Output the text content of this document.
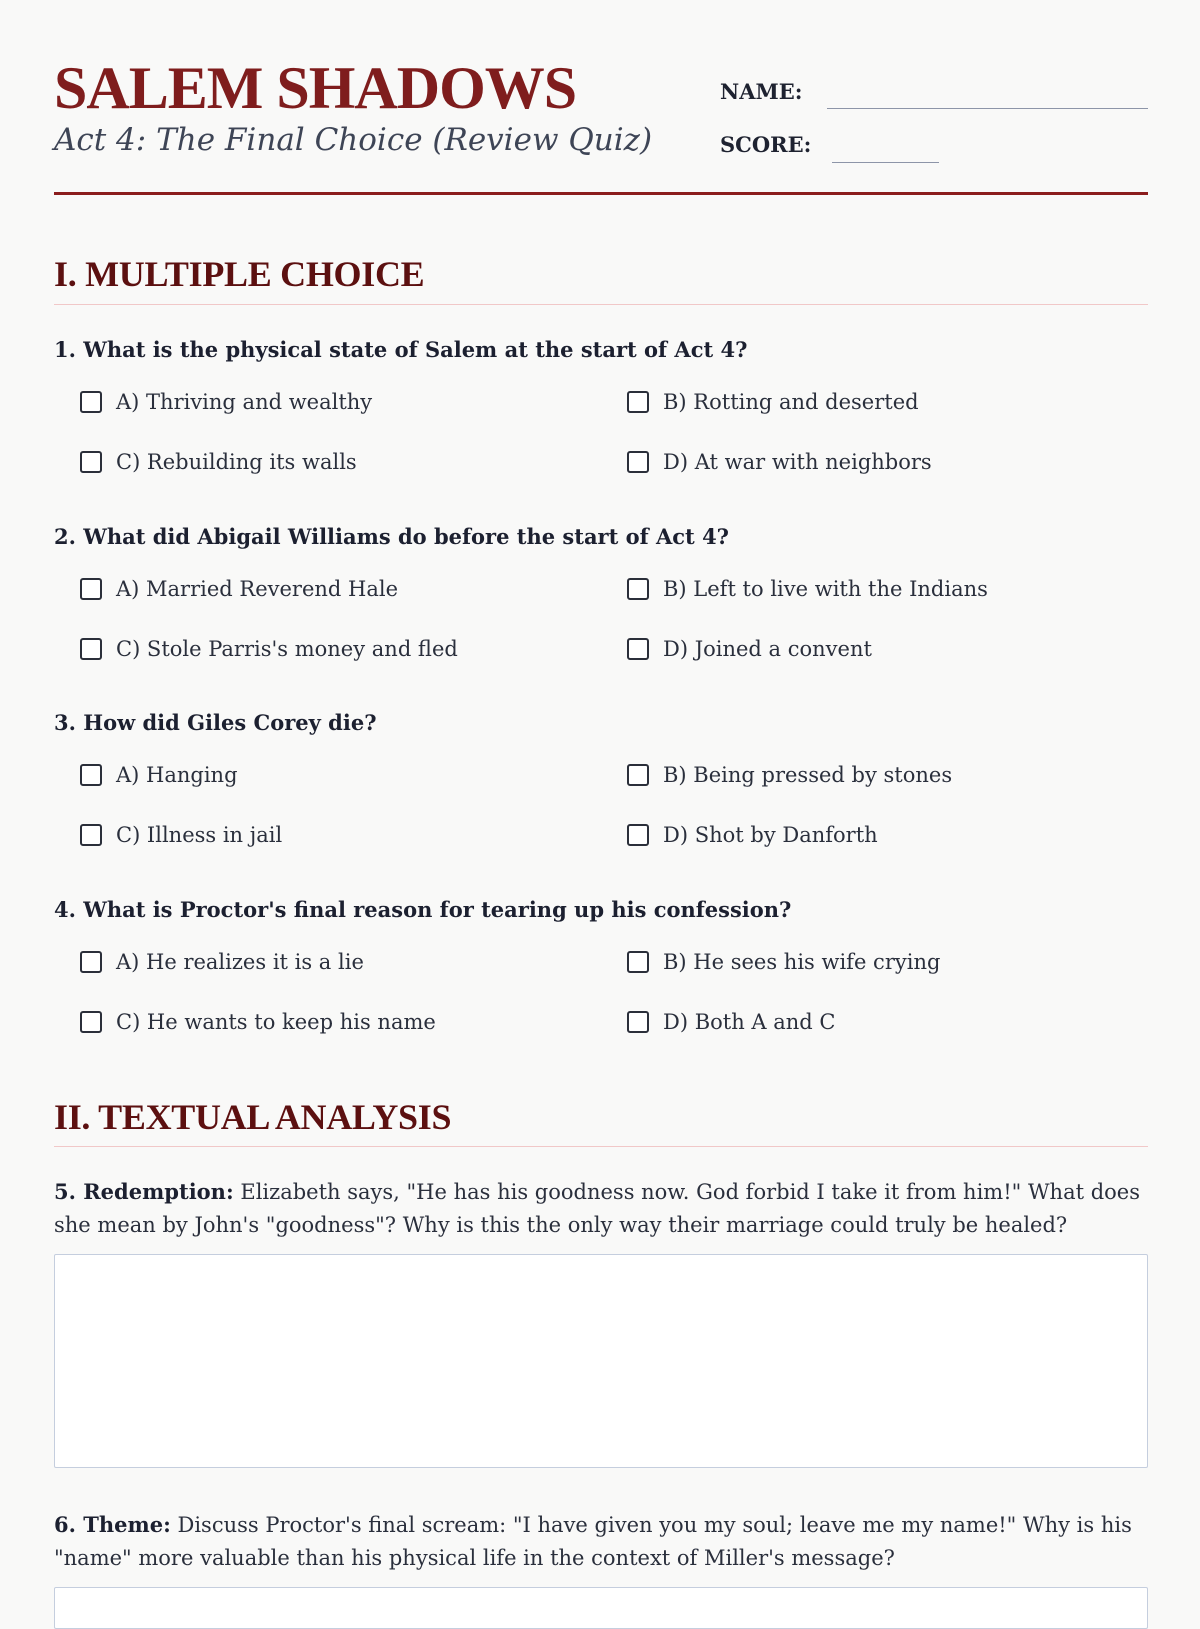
SALEM SHADOWS
Act 4: The Final Choice (Review Quiz)
NAME:
SCORE:
I. MULTIPLE CHOICE
1. What is the physical state of Salem at the start of Act 4?
A) Thriving and wealthy	B) Rotting and deserted
C) Rebuilding its walls	D) At war with neighbors
2. What did Abigail Williams do before the start of Act 4?
A) Married Reverend Hale	B) Left to live with the Indians
C) Stole Parris's money and fled	D) Joined a convent
3. How did Giles Corey die?
A) Hanging	B) Being pressed by stones
C) Illness in jail	D) Shot by Danforth
4. What is Proctor's final reason for tearing up his confession?
A) He realizes it is a lie	B) He sees his wife crying
C) He wants to keep his name	D) Both A and C
II. TEXTUAL ANALYSIS
5. Redemption: Elizabeth says, "He has his goodness now. God forbid I take it from him!" What does she mean by John's "goodness"? Why is this the only way their marriage could truly be healed?
6. Theme: Discuss Proctor's final scream: "I have given you my soul; leave me my name!" Why is his "name" more valuable than his physical life in the context of Miller's message?
